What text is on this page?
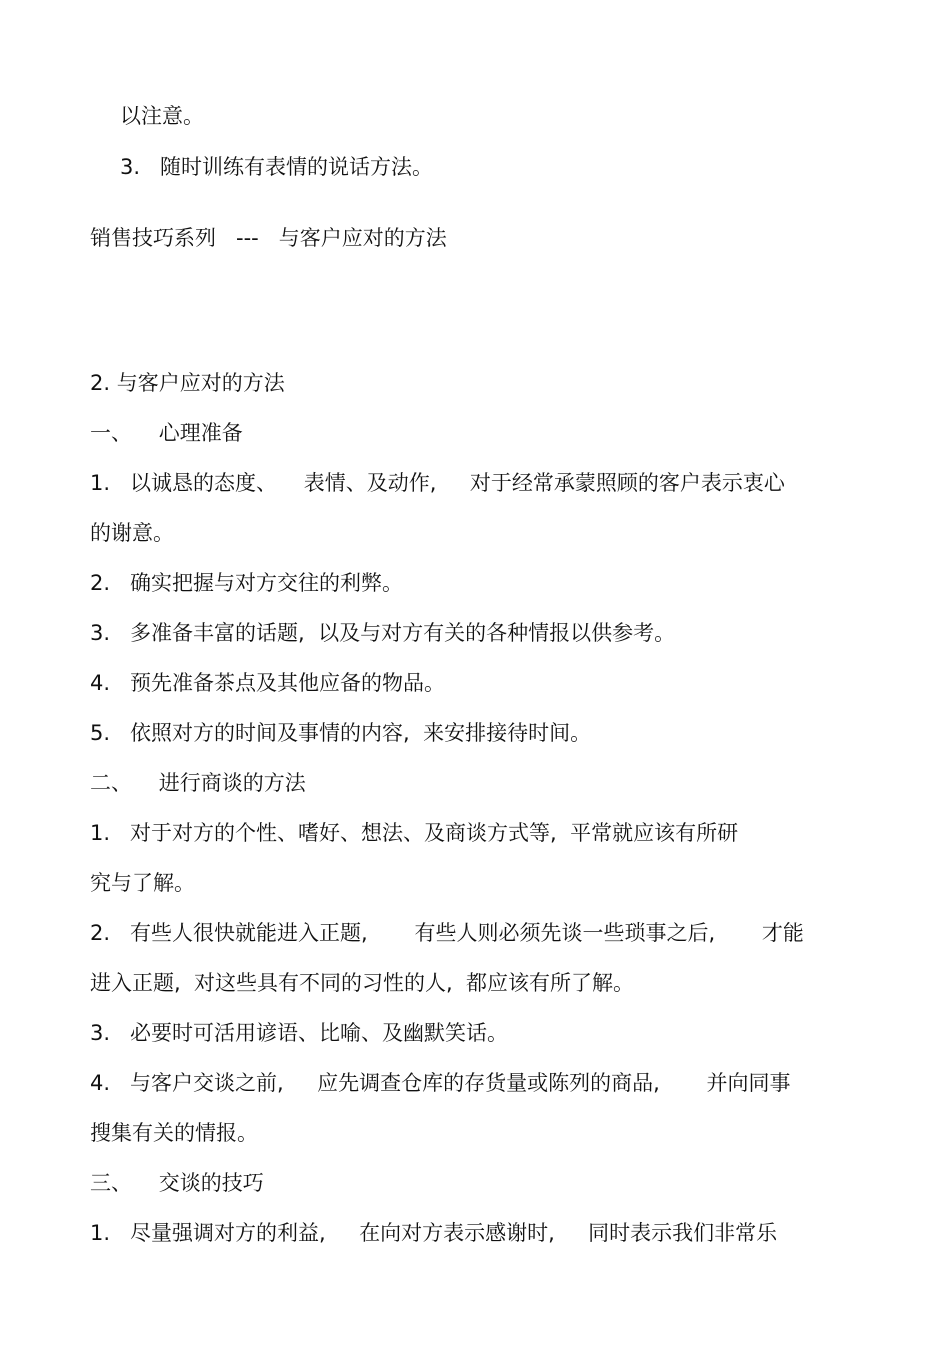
以注意。

3.   随时训练有表情的说话方法。

销售技巧系列   ---   与客户应对的方法

2. 与客户应对的方法

一、    心理准备

1.   以诚恳的态度、    表情、及动作,     对于经常承蒙照顾的客户表示衷心

的谢意。

2.   确实把握与对方交往的利弊。

3.   多准备丰富的话题,  以及与对方有关的各种情报以供参考。

4.   预先准备茶点及其他应备的物品。

5.   依照对方的时间及事情的内容,  来安排接待时间。

二、    进行商谈的方法

1.   对于对方的个性、嗜好、想法、及商谈方式等,  平常就应该有所研

究与了解。

2.   有些人很快就能进入正题,       有些人则必须先谈一些琐事之后,       才能

进入正题,  对这些具有不同的习性的人,  都应该有所了解。

3.   必要时可活用谚语、比喻、及幽默笑话。

4.   与客户交谈之前,     应先调查仓库的存货量或陈列的商品,       并向同事

搜集有关的情报。

三、    交谈的技巧

1.   尽量强调对方的利益,     在向对方表示感谢时,     同时表示我们非常乐
